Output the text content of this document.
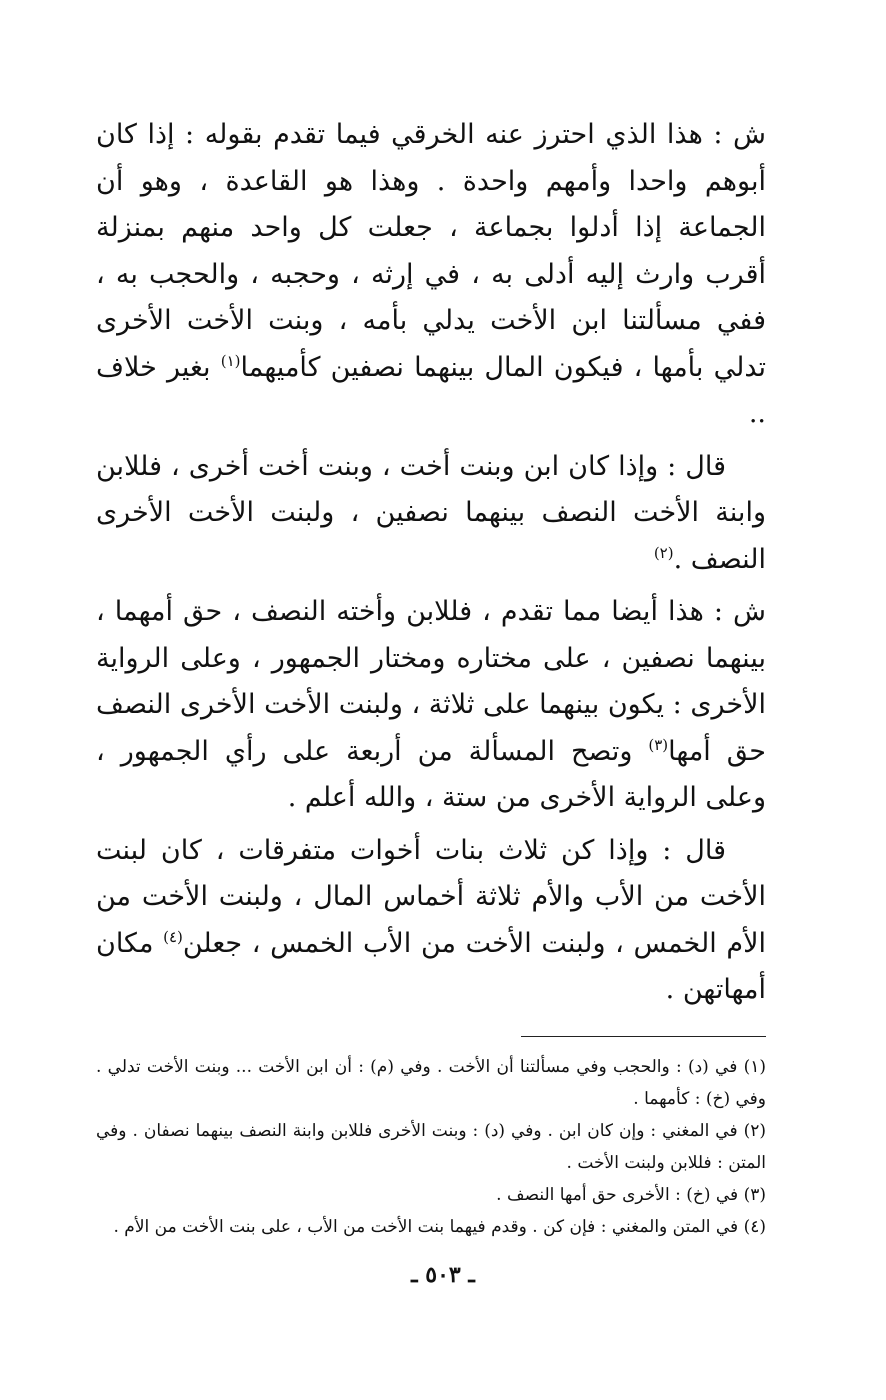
ش : هذا الذي احترز عنه الخرقي فيما تقدم بقوله : إذا كان أبوهم واحدا وأمهم واحدة . وهذا هو القاعدة ، وهو أن الجماعة إذا أدلوا بجماعة ، جعلت كل واحد منهم بمنزلة أقرب وارث إليه أدلى به ، في إرثه ، وحجبه ، والحجب به ، ففي مسألتنا ابن الأخت يدلي بأمه ، وبنت الأخت الأخرى تدلي بأمها ، فيكون المال بينهما نصفين كأميهما$^{(١)}$ بغير خلاف ..

قال : وإذا كان ابن وبنت أخت ، وبنت أخت أخرى ، فللابن وابنة الأخت النصف بينهما نصفين ، ولبنت الأخت الأخرى النصف .$^{(٢)}$

ش : هذا أيضا مما تقدم ، فللابن وأخته النصف ، حق أمهما ، بينهما نصفين ، على مختاره ومختار الجمهور ، وعلى الرواية الأخرى : يكون بينهما على ثلاثة ، ولبنت الأخت الأخرى النصف حق أمها$^{(٣)}$ وتصح المسألة من أربعة على رأي الجمهور ، وعلى الرواية الأخرى من ستة ، والله أعلم .

قال : وإذا كن ثلاث بنات أخوات متفرقات ، كان لبنت الأخت من الأب والأم ثلاثة أخماس المال ، ولبنت الأخت من الأم الخمس ، ولبنت الأخت من الأب الخمس ، جعلن$^{(٤)}$ مكان أمهاتهن .

(١) في (د) : والحجب وفي مسألتنا أن الأخت . وفي (م) : أن ابن الأخت ... وبنت الأخت تدلي . وفي (خ) : كأمهما .

(٢) في المغني : وإن كان ابن . وفي (د) : وبنت الأخرى فللابن وابنة النصف بينهما نصفان . وفي المتن : فللابن ولبنت الأخت .

(٣) في (خ) : الأخرى حق أمها النصف .

(٤) في المتن والمغني : فإن كن . وقدم فيهما بنت الأخت من الأب ، على بنت الأخت من الأم .

ـ ٥٠٣ ـ
